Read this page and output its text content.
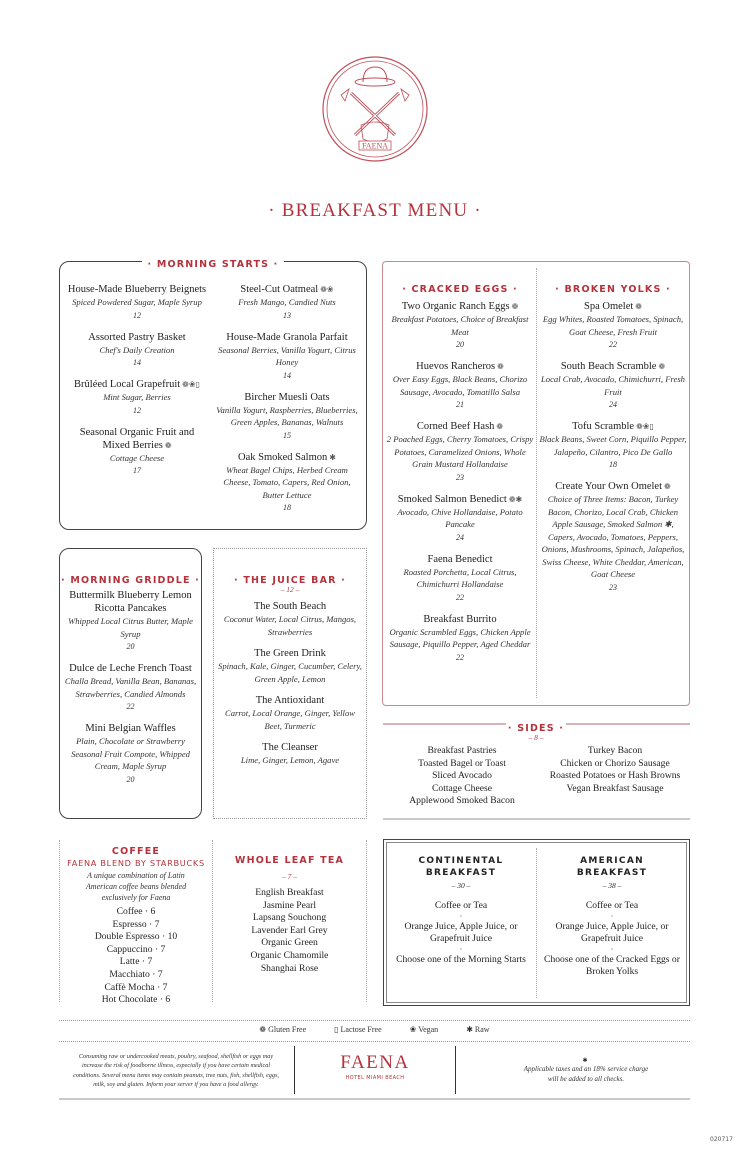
FAENA
· BREAKFAST MENU ·
· MORNING STARTS ·
House-Made Blueberry Beignets
Spiced Powdered Sugar, Maple Syrup
12
Assorted Pastry Basket
Chef's Daily Creation
14
Brûléed Local Grapefruit ❁❀▯
Mint Sugar, Berries
12
Seasonal Organic Fruit and Mixed Berries ❁
Cottage Cheese
17
Steel-Cut Oatmeal ❁❀
Fresh Mango, Candied Nuts
13
House-Made Granola Parfait
Seasonal Berries, Vanilla Yogurt, Citrus Honey
14
Bircher Muesli Oats
Vanilla Yogurt, Raspberries, Blueberries, Green Apples, Bananas, Walnuts
15
Oak Smoked Salmon ✱
Wheat Bagel Chips, Herbed Cream Cheese, Tomato, Capers, Red Onion, Butter Lettuce
18
· CRACKED EGGS ·	· BROKEN YOLKS ·
Two Organic Ranch Eggs ❁
Breakfast Potatoes, Choice of Breakfast Meat
20
Huevos Rancheros ❁
Over Easy Eggs, Black Beans, Chorizo Sausage, Avocado, Tomatillo Salsa
21
Corned Beef Hash ❁
2 Poached Eggs, Cherry Tomatoes, Crispy Potatoes, Caramelized Onions, Whole Grain Mustard Hollandaise
23
Smoked Salmon Benedict ❁✱
Avocado, Chive Hollandaise, Potato Pancake
24
Faena Benedict
Roasted Porchetta, Local Citrus, Chimichurri Hollandaise
22
Breakfast Burrito
Organic Scrambled Eggs, Chicken Apple Sausage, Piquillo Pepper, Aged Cheddar
22
Spa Omelet ❁
Egg Whites, Roasted Tomatoes, Spinach, Goat Cheese, Fresh Fruit
22
South Beach Scramble ❁
Local Crab, Avocado, Chimichurri, Fresh Fruit
24
Tofu Scramble ❁❀▯
Black Beans, Sweet Corn, Piquillo Pepper, Jalapeño, Cilantro, Pico De Gallo
18
Create Your Own Omelet ❁
Choice of Three Items: Bacon, Turkey Bacon, Chorizo, Local Crab, Chicken Apple Sausage, Smoked Salmon ✱, Capers, Avocado, Tomatoes, Peppers, Onions, Mushrooms, Spinach, Jalapeños, Swiss Cheese, White Cheddar, American, Goat Cheese
23
· MORNING GRIDDLE ·
Buttermilk Blueberry Lemon Ricotta Pancakes
Whipped Local Citrus Butter, Maple Syrup
20
Dulce de Leche French Toast
Challa Bread, Vanilla Bean, Bananas, Strawberries, Candied Almonds
22
Mini Belgian Waffles
Plain, Chocolate or Strawberry Seasonal Fruit Compote, Whipped Cream, Maple Syrup
20
· THE JUICE BAR ·
– 12 –
The South Beach
Coconut Water, Local Citrus, Mangos, Strawberries
The Green Drink
Spinach, Kale, Ginger, Cucumber, Celery, Green Apple, Lemon
The Antioxidant
Carrot, Local Orange, Ginger, Yellow Beet, Turmeric
The Cleanser
Lime, Ginger, Lemon, Agave
· SIDES ·
– 8 –
Breakfast Pastries
Toasted Bagel or Toast
Sliced Avocado
Cottage Cheese
Applewood Smoked Bacon
Turkey Bacon
Chicken or Chorizo Sausage
Roasted Potatoes or Hash Browns
Vegan Breakfast Sausage
COFFEE
FAENA BLEND BY STARBUCKS
A unique combination of Latin American coffee beans blended exclusively for Faena
Coffee · 6
Espresso · 7
Double Espresso · 10
Cappuccino · 7
Latte · 7
Macchiato · 7
Caffè Mocha · 7
Hot Chocolate · 6
WHOLE LEAF TEA
– 7 –
English Breakfast
Jasmine Pearl
Lapsang Souchong
Lavender Earl Grey
Organic Green
Organic Chamomile
Shanghai Rose
CONTINENTAL
BREAKFAST
– 30 –
Coffee or Tea
·
Orange Juice, Apple Juice, or Grapefruit Juice
·
Choose one of the Morning Starts
AMERICAN
BREAKFAST
– 38 –
Coffee or Tea
·
Orange Juice, Apple Juice, or Grapefruit Juice
·
Choose one of the Cracked Eggs or Broken Yolks
❁ Gluten Free	▯ Lactose Free	❀ Vegan	✱ Raw
Consuming raw or undercooked meats, poultry, seafood, shellfish or eggs may increase the risk of foodborne illness, especially if you have certain medical conditions. Several menu items may contain peanuts, tree nuts, fish, shellfish, eggs, milk, soy and gluten. Inform your server if you have a food allergy.
FAENA
HOTEL MIAMI BEACH
✱
Applicable taxes and an 18% service charge will be added to all checks.
020717
